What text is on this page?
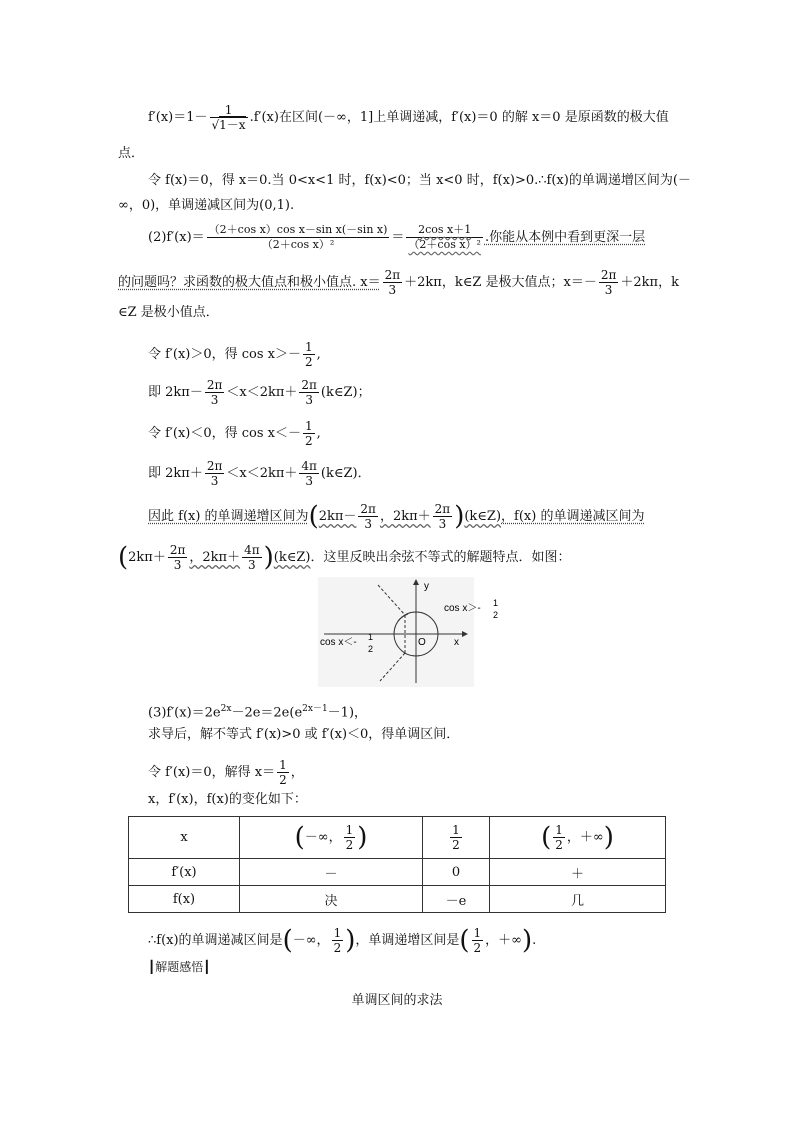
$f'(x)=1- \frac{1}{√1-x} .f'(x)$在区间(－∞，1]上单调递减，f′(x)＝0 的解 x＝0 是原函数的极大值
点．
令 f(x)＝0，得 x＝0.当 0<x<1 时，f(x)<0；当 x<0 时，f(x)>0.∴f(x)的单调递增区间为(－
∞，0)，单调递减区间为(0,1).
$(2)f'(x)= \frac{\text{（2＋cos x）cos x－sin x(－sin x)}}{\text{（2＋cos x）²}} = \frac{\text{2cos x＋1}}{\text{（2＋cos x）²}}$ .你能从本例中看到更深一层
的问题吗？求函数的极大值点和极小值点. $x= \frac{2\pi}{3} +2k\pi$，k∈Z 是极大值点；$x=- \frac{2\pi}{3} +2k\pi$，k
∈Z 是极小值点．
令 f′(x)＞0，得 $\cos x>- \frac{1}{2}$ ,
即 $2k\pi- \frac{2\pi}{3} <x<2k\pi+ \frac{2\pi}{3}$ (k∈Z)；
令 f′(x)＜0，得 $\cos x<- \frac{1}{2}$ ,
即 $2k\pi+ \frac{2\pi}{3} <x<2k\pi+ \frac{4\pi}{3}$ (k∈Z)．
因此 f(x) 的单调递增区间为($2k\pi- \frac{2\pi}{3}$ ，$2k\pi+ \frac{2\pi}{3}$ )(k∈Z)，f(x) 的单调递减区间为
($2k\pi+ \frac{2\pi}{3}$ ，$2k\pi+ \frac{4\pi}{3}$ )(k∈Z)．这里反映出余弦不等式的解题特点．如图：
y
x
O
cos x＞- 1
2
cos x＜- 1
2
$(3)f'(x)=2e^{2x}-2e=2e(e^{2x-1}-1)$，
求导后，解不等式 f′(x)>0 或 f′(x)＜0，得单调区间．
令 f′(x)＝0，解得 $x= \frac{1}{2}$ ，
x，f′(x)，f(x)的变化如下：
x	(－∞， $\frac{1}{2}$ )	$\frac{1}{2}$	( $\frac{1}{2}$ ，＋∞)
f′(x)	－	0	＋
f(x)	决	－e	几
∴f(x)的单调递减区间是(－∞， $\frac{1}{2}$ )，单调递增区间是( $\frac{1}{2}$ ，＋∞).
┃解题感悟┃
单调区间的求法
